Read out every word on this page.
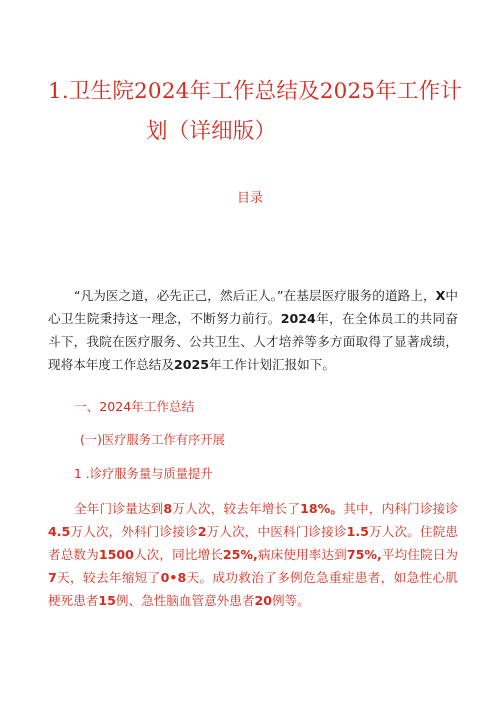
1.卫生院2024年工作总结及2025年工作计
划（详细版）
目录
“凡为医之道，必先正己，然后正人。”在基层医疗服务的道路上，X中心卫生院秉持这一理念，不断努力前行。2024年，在全体员工的共同奋斗下，我院在医疗服务、公共卫生、人才培养等多方面取得了显著成绩，现将本年度工作总结及2025年工作计划汇报如下。
一、2024年工作总结
(一)医疗服务工作有序开展
1 .诊疗服务量与质量提升
全年门诊量达到8万人次，较去年增长了18%。其中，内科门诊接诊4.5万人次，外科门诊接诊2万人次，中医科门诊接诊1.5万人次。住院患者总数为1500人次，同比增长25%,病床使用率达到75%,平均住院日为7天，较去年缩短了0•8天。成功救治了多例危急重症患者，如急性心肌梗死患者15例、急性脑血管意外患者20例等。
